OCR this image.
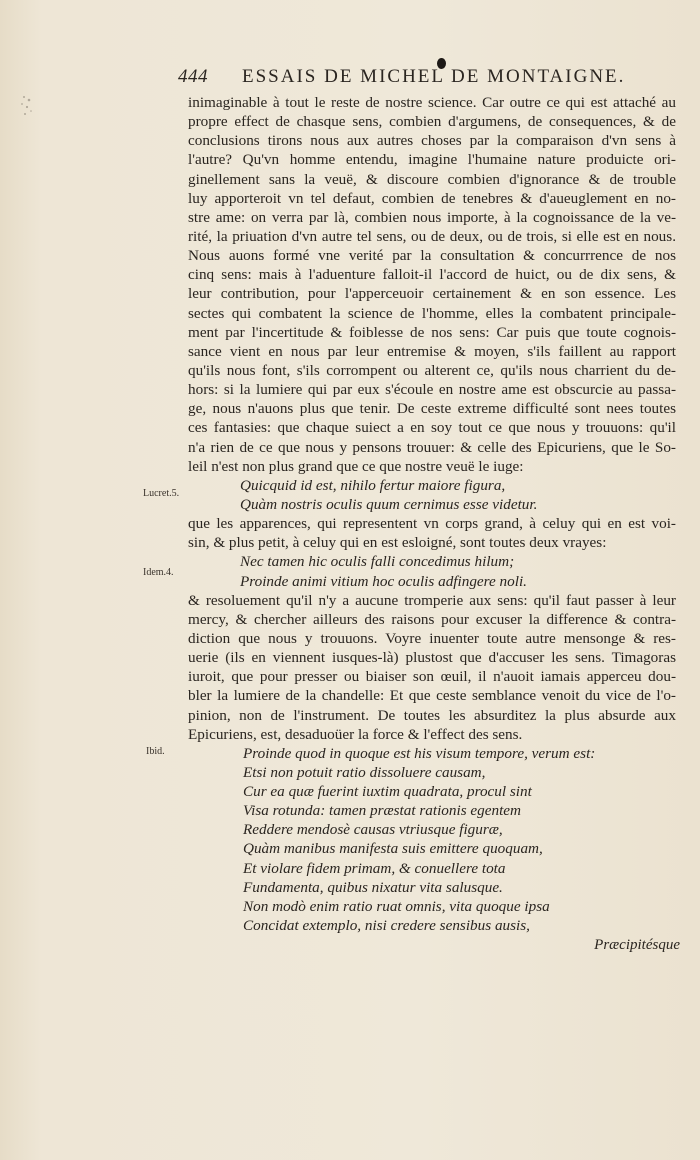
444	ESSAIS DE MICHEL DE MONTAIGNE.
Lucret.5.
Idem.4.
Ibid.
inimaginable à tout le reste de nostre science. Car outre ce qui est attaché au
propre effect de chasque sens, combien d'argumens, de consequences, & de
conclusions tirons nous aux autres choses par la comparaison d'vn sens à
l'autre? Qu'vn homme entendu, imagine l'humaine nature produicte ori-
ginellement sans la veuë, & discoure combien d'ignorance & de trouble
luy apporteroit vn tel defaut, combien de tenebres & d'aueuglement en no-
stre ame: on verra par là, combien nous importe, à la cognoissance de la ve-
rité, la priuation d'vn autre tel sens, ou de deux, ou de trois, si elle est en nous.
Nous auons formé vne verité par la consultation & concurrrence de nos
cinq sens: mais à l'aduenture falloit-il l'accord de huict, ou de dix sens, &
leur contribution, pour l'apperceuoir certainement & en son essence. Les
sectes qui combatent la science de l'homme, elles la combatent principale-
ment par l'incertitude & foiblesse de nos sens: Car puis que toute cognois-
sance vient en nous par leur entremise & moyen, s'ils faillent au rapport
qu'ils nous font, s'ils corrompent ou alterent ce, qu'ils nous charrient du de-
hors: si la lumiere qui par eux s'écoule en nostre ame est obscurcie au passa-
ge, nous n'auons plus que tenir. De ceste extreme difficulté sont nees toutes
ces fantasies: que chaque suiect a en soy tout ce que nous y trouuons: qu'il
n'a rien de ce que nous y pensons trouuer: & celle des Epicuriens, que le So-
leil n'est non plus grand que ce que nostre veuë le iuge:
Quicquid id est, nihilo fertur maiore figura,
Quàm nostris oculis quum cernimus esse videtur.
que les apparences, qui representent vn corps grand, à celuy qui en est voi-
sin, & plus petit, à celuy qui en est esloigné, sont toutes deux vrayes:
Nec tamen hic oculis falli concedimus hilum;
Proinde animi vitium hoc oculis adfingere noli.
& resoluement qu'il n'y a aucune tromperie aux sens: qu'il faut passer à leur
mercy, & chercher ailleurs des raisons pour excuser la difference & contra-
diction que nous y trouuons. Voyre inuenter toute autre mensonge & res-
uerie (ils en viennent iusques-là) plustost que d'accuser les sens. Timagoras
iuroit, que pour presser ou biaiser son œuil, il n'auoit iamais apperceu dou-
bler la lumiere de la chandelle: Et que ceste semblance venoit du vice de l'o-
pinion, non de l'instrument. De toutes les absurditez la plus absurde aux
Epicuriens, est, desaduoüer la force & l'effect des sens.
Proinde quod in quoque est his visum tempore, verum est:
Etsi non potuit ratio dissoluere causam,
Cur ea quæ fuerint iuxtim quadrata, procul sint
Visa rotunda: tamen præstat rationis egentem
Reddere mendosè causas vtriusque figuræ,
Quàm manibus manifesta suis emittere quoquam,
Et violare fidem primam, & conuellere tota
Fundamenta, quibus nixatur vita salusque.
Non modò enim ratio ruat omnis, vita quoque ipsa
Concidat extemplo, nisi credere sensibus ausis,
Præcipitésque
